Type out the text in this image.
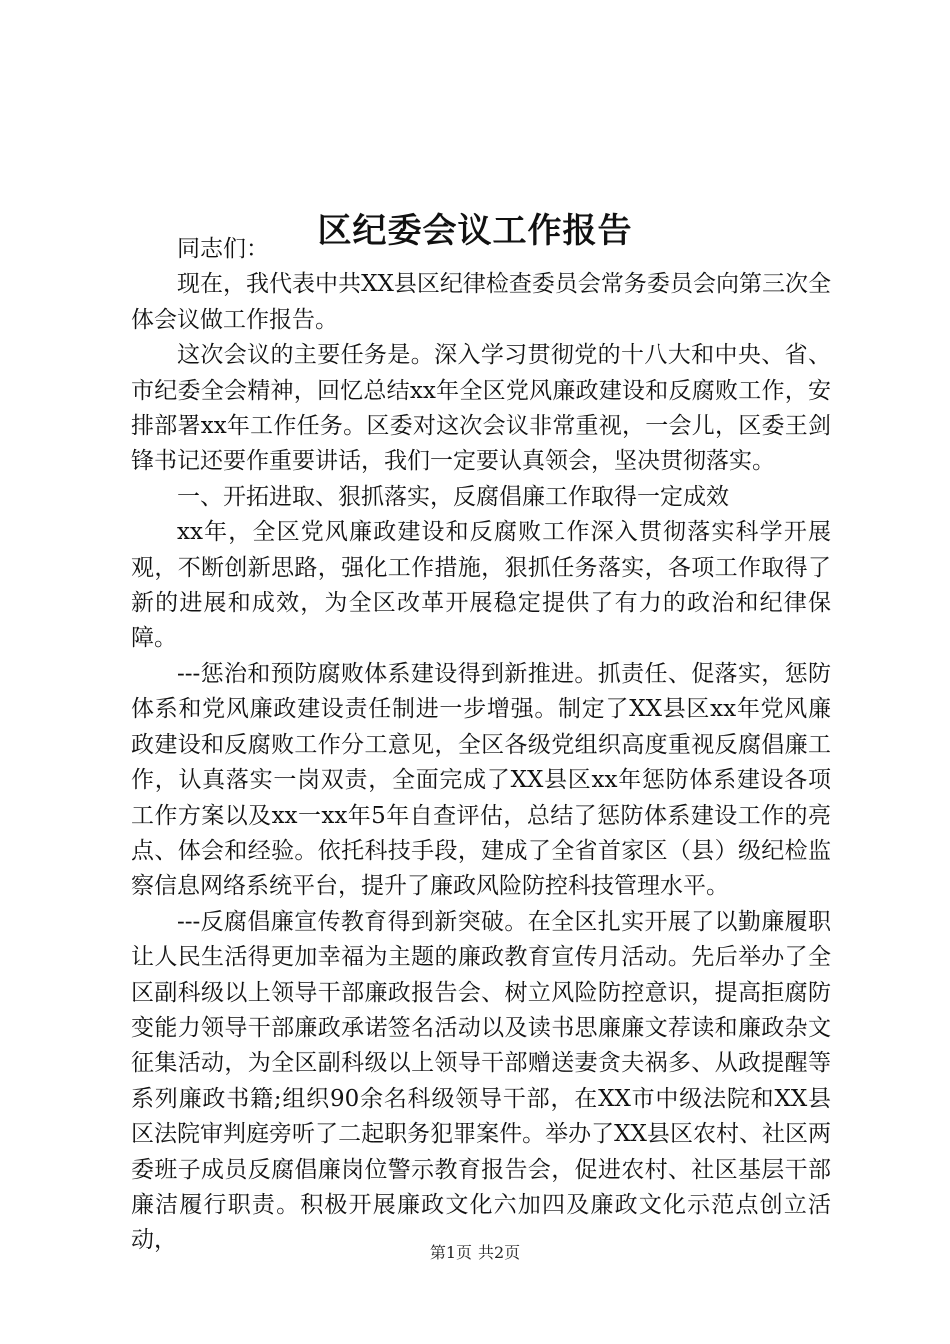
区纪委会议工作报告

同志们：

现在，我代表中共XX县区纪律检查委员会常务委员会向第三次全体会议做工作报告。

这次会议的主要任务是。深入学习贯彻党的十八大和中央、省、市纪委全会精神，回忆总结xx年全区党风廉政建设和反腐败工作，安排部署xx年工作任务。区委对这次会议非常重视，一会儿，区委王剑锋书记还要作重要讲话，我们一定要认真领会，坚决贯彻落实。

一、开拓进取、狠抓落实，反腐倡廉工作取得一定成效

xx年，全区党风廉政建设和反腐败工作深入贯彻落实科学开展观，不断创新思路，强化工作措施，狠抓任务落实，各项工作取得了新的进展和成效，为全区改革开展稳定提供了有力的政治和纪律保障。

---惩治和预防腐败体系建设得到新推进。抓责任、促落实，惩防体系和党风廉政建设责任制进一步增强。制定了XX县区xx年党风廉政建设和反腐败工作分工意见，全区各级党组织高度重视反腐倡廉工作，认真落实一岗双责，全面完成了XX县区xx年惩防体系建设各项工作方案以及xx一xx年5年自查评估，总结了惩防体系建设工作的亮点、体会和经验。依托科技手段，建成了全省首家区（县）级纪检监察信息网络系统平台，提升了廉政风险防控科技管理水平。

---反腐倡廉宣传教育得到新突破。在全区扎实开展了以勤廉履职让人民生活得更加幸福为主题的廉政教育宣传月活动。先后举办了全区副科级以上领导干部廉政报告会、树立风险防控意识，提高拒腐防变能力领导干部廉政承诺签名活动以及读书思廉廉文荐读和廉政杂文征集活动，为全区副科级以上领导干部赠送妻贪夫祸多、从政提醒等系列廉政书籍;组织90余名科级领导干部，在XX市中级法院和XX县区法院审判庭旁听了二起职务犯罪案件。举办了XX县区农村、社区两委班子成员反腐倡廉岗位警示教育报告会，促进农村、社区基层干部廉洁履行职责。积极开展廉政文化六加四及廉政文化示范点创立活动，	第1页 共2页
